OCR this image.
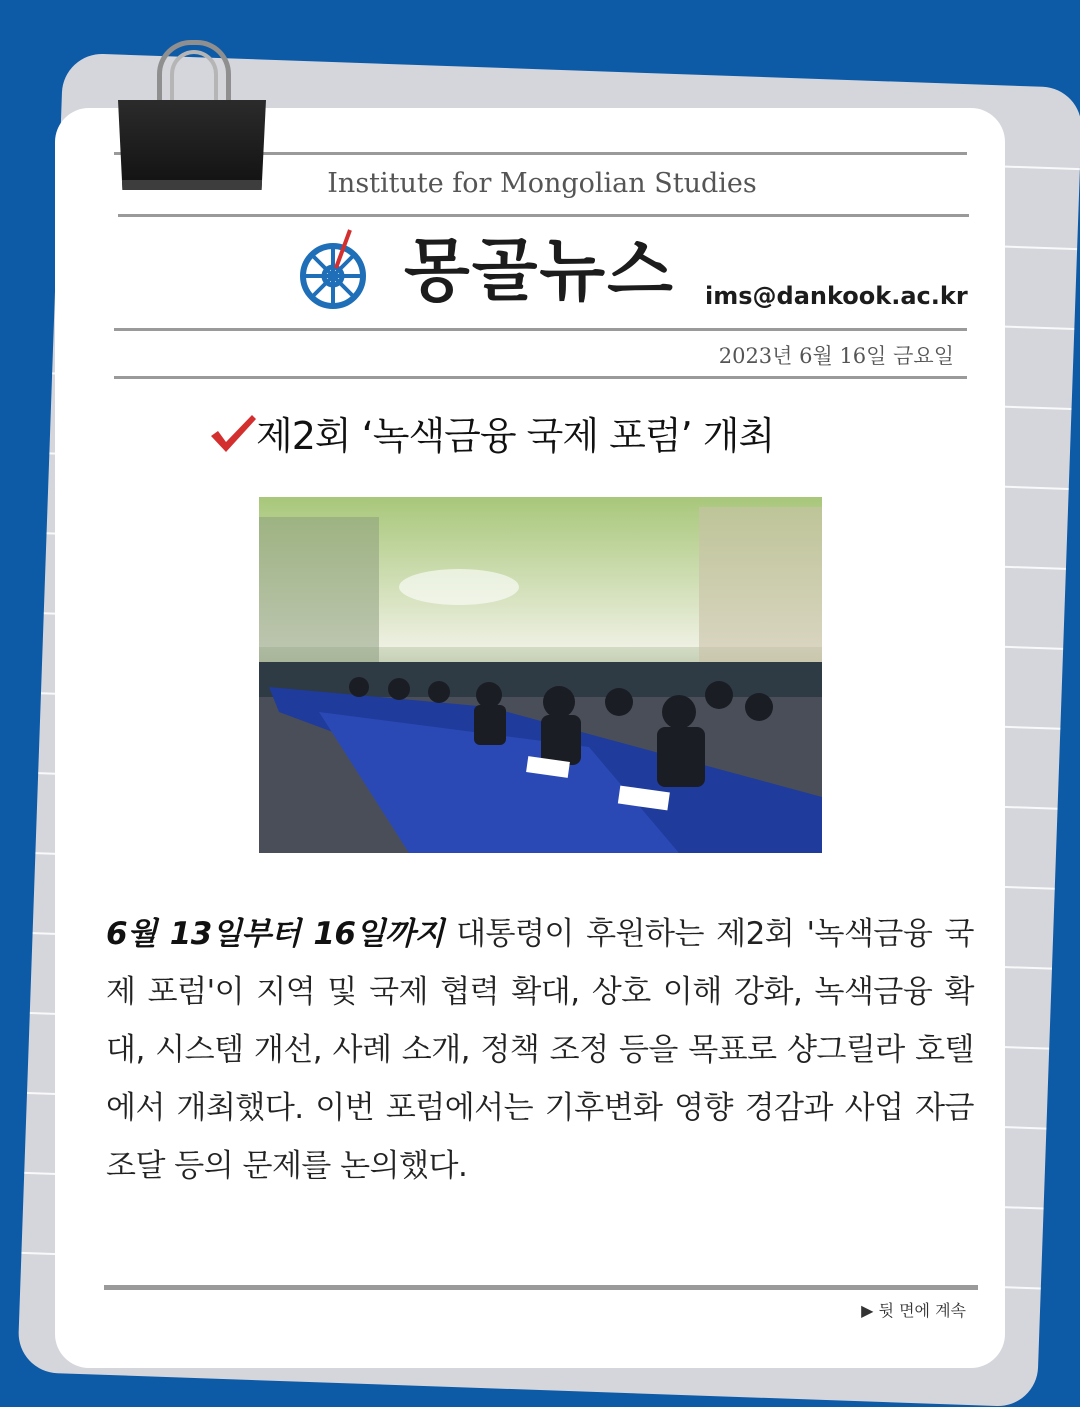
Institute for Mongolian Studies
몽골뉴스 ims@dankook.ac.kr
2023년 6월 16일 금요일
제2회 ‘녹색금융 국제 포럼’ 개최

6월 13일부터 16일까지 대통령이 후원하는 제2회 '녹색금융 국제 포럼'이 지역 및 국제 협력 확대, 상호 이해 강화, 녹색금융 확대, 시스템 개선, 사례 소개, 정책 조정 등을 목표로 샹그릴라 호텔에서 개최했다. 이번 포럼에서는 기후변화 영향 경감과 사업 자금 조달 등의 문제를 논의했다.

▶ 뒷 면에 계속
